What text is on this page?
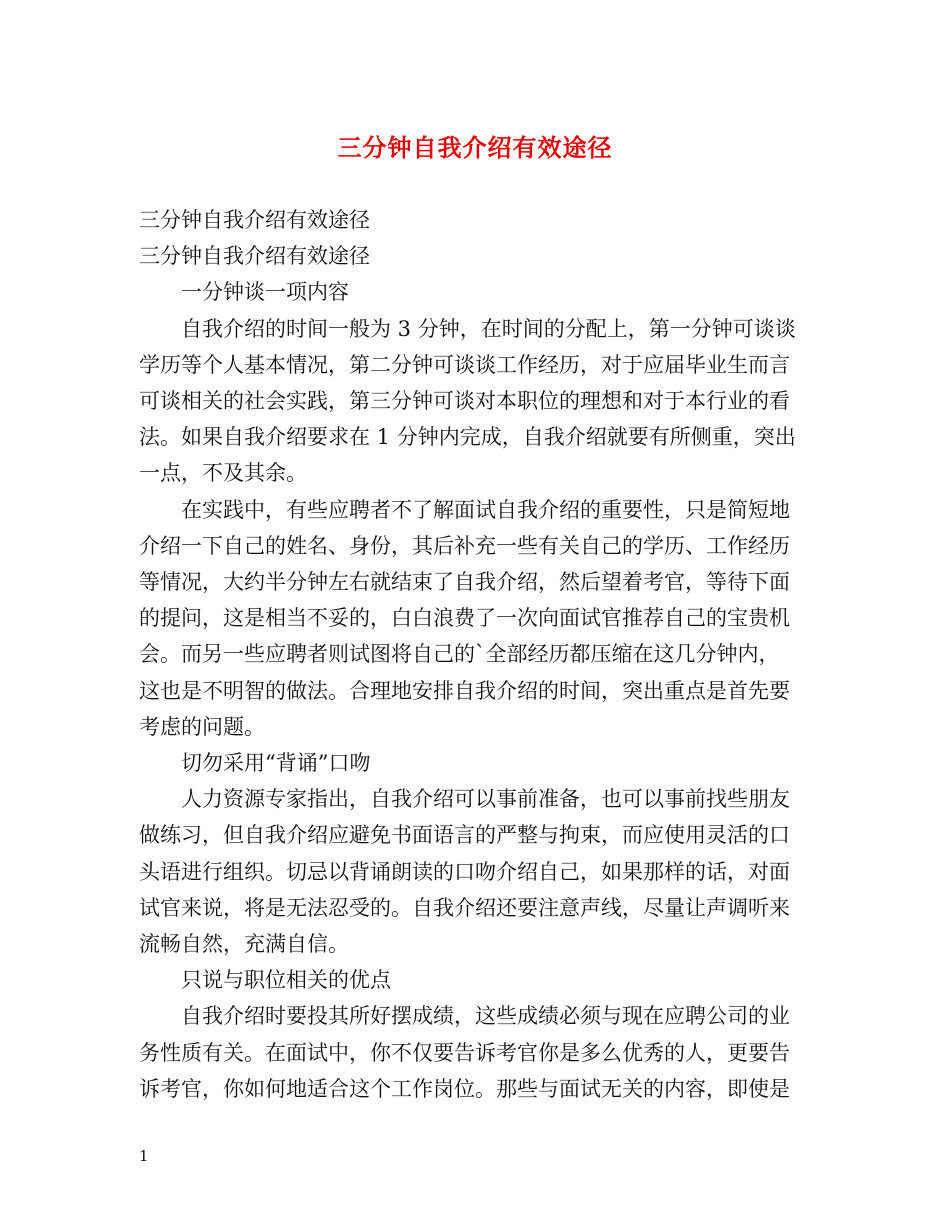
三分钟自我介绍有效途径

三分钟自我介绍有效途径

三分钟自我介绍有效途径

　　一分钟谈一项内容

　　自我介绍的时间一般为 3 分钟，在时间的分配上，第一分钟可谈谈

学历等个人基本情况，第二分钟可谈谈工作经历，对于应届毕业生而言

可谈相关的社会实践，第三分钟可谈对本职位的理想和对于本行业的看

法。如果自我介绍要求在 1 分钟内完成，自我介绍就要有所侧重，突出

一点，不及其余。

　　在实践中，有些应聘者不了解面试自我介绍的重要性，只是简短地

介绍一下自己的姓名、身份，其后补充一些有关自己的学历、工作经历

等情况，大约半分钟左右就结束了自我介绍，然后望着考官，等待下面

的提问，这是相当不妥的，白白浪费了一次向面试官推荐自己的宝贵机

会。而另一些应聘者则试图将自己的`全部经历都压缩在这几分钟内，

这也是不明智的做法。合理地安排自我介绍的时间，突出重点是首先要

考虑的问题。

　　切勿采用“背诵”口吻

　　人力资源专家指出，自我介绍可以事前准备，也可以事前找些朋友

做练习，但自我介绍应避免书面语言的严整与拘束，而应使用灵活的口

头语进行组织。切忌以背诵朗读的口吻介绍自己，如果那样的话，对面

试官来说，将是无法忍受的。自我介绍还要注意声线，尽量让声调听来

流畅自然，充满自信。

　　只说与职位相关的优点

　　自我介绍时要投其所好摆成绩，这些成绩必须与现在应聘公司的业

务性质有关。在面试中，你不仅要告诉考官你是多么优秀的人，更要告

诉考官，你如何地适合这个工作岗位。那些与面试无关的内容，即使是

1
